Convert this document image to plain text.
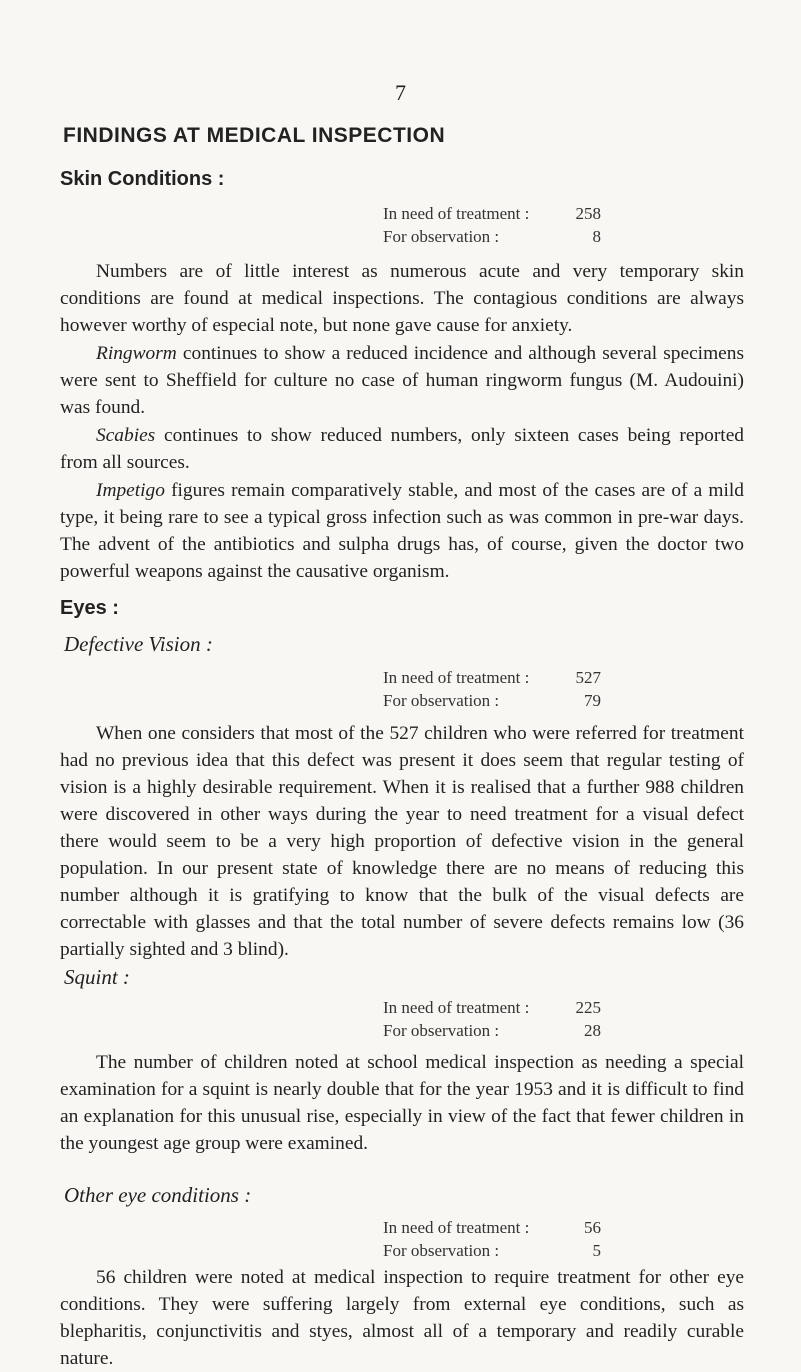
7
FINDINGS AT MEDICAL INSPECTION
Skin Conditions :
In need of treatment :	258
For observation :	8

Numbers are of little interest as numerous acute and very temporary skin conditions are found at medical inspections. The contagious conditions are always however worthy of especial note, but none gave cause for anxiety.

Ringworm continues to show a reduced incidence and although several specimens were sent to Sheffield for culture no case of human ringworm fungus (M. Audouini) was found.

Scabies continues to show reduced numbers, only sixteen cases being reported from all sources.

Impetigo figures remain comparatively stable, and most of the cases are of a mild type, it being rare to see a typical gross infection such as was common in pre-war days. The advent of the antibiotics and sulpha drugs has, of course, given the doctor two powerful weapons against the causative organism.

Eyes :
Defective Vision :
In need of treatment :	527
For observation :	79

When one considers that most of the 527 children who were referred for treatment had no previous idea that this defect was present it does seem that regular testing of vision is a highly desirable requirement. When it is realised that a further 988 children were discovered in other ways during the year to need treatment for a visual defect there would seem to be a very high proportion of defective vision in the general population. In our present state of knowledge there are no means of reducing this number although it is gratifying to know that the bulk of the visual defects are correctable with glasses and that the total number of severe defects remains low (36 partially sighted and 3 blind).

Squint :
In need of treatment :	225
For observation :	28

The number of children noted at school medical inspection as needing a special examination for a squint is nearly double that for the year 1953 and it is difficult to find an explanation for this unusual rise, especially in view of the fact that fewer children in the youngest age group were examined.

Other eye conditions :
In need of treatment :	56
For observation :	5

56 children were noted at medical inspection to require treatment for other eye conditions. They were suffering largely from external eye conditions, such as blepharitis, conjunctivitis and styes, almost all of a temporary and readily curable nature.
